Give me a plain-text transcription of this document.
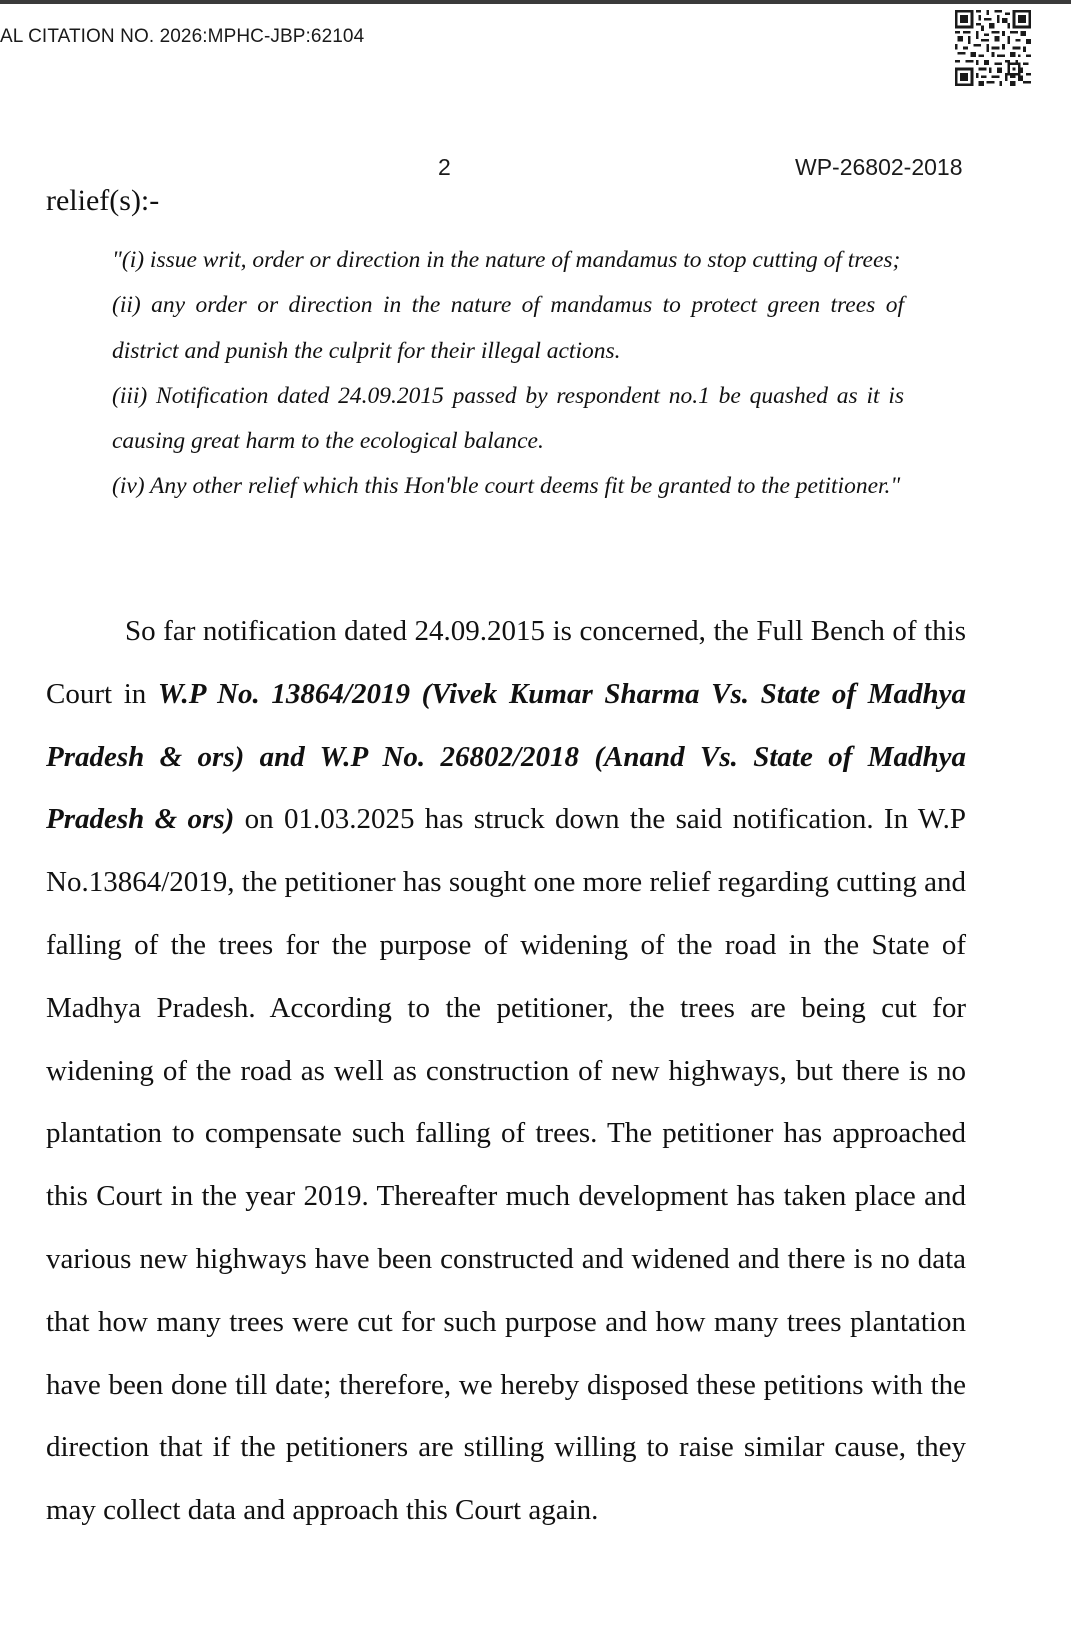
AL CITATION NO. 2026:MPHC-JBP:62104
2	WP-26802-2018
relief(s):-

"(i) issue writ, order or direction in the nature of mandamus to stop cutting of trees;

(ii) any order or direction in the nature of mandamus to protect green trees of district and punish the culprit for their illegal actions.

(iii) Notification dated 24.09.2015 passed by respondent no.1 be quashed as it is causing great harm to the ecological balance.

(iv) Any other relief which this Hon'ble court deems fit be granted to the petitioner."

So far notification dated 24.09.2015 is concerned, the Full Bench of this Court in W.P No. 13864/2019 (Vivek Kumar Sharma Vs. State of Madhya Pradesh & ors) and W.P No. 26802/2018 (Anand Vs. State of Madhya Pradesh & ors) on 01.03.2025 has struck down the said notification. In W.P No.13864/2019, the petitioner has sought one more relief regarding cutting and falling of the trees for the purpose of widening of the road in the State of Madhya Pradesh. According to the petitioner, the trees are being cut for widening of the road as well as construction of new highways, but there is no plantation to compensate such falling of trees. The petitioner has approached this Court in the year 2019. Thereafter much development has taken place and various new highways have been constructed and widened and there is no data that how many trees were cut for such purpose and how many trees plantation have been done till date; therefore, we hereby disposed these petitions with the direction that if the petitioners are stilling willing to raise similar cause, they may collect data and approach this Court again.
